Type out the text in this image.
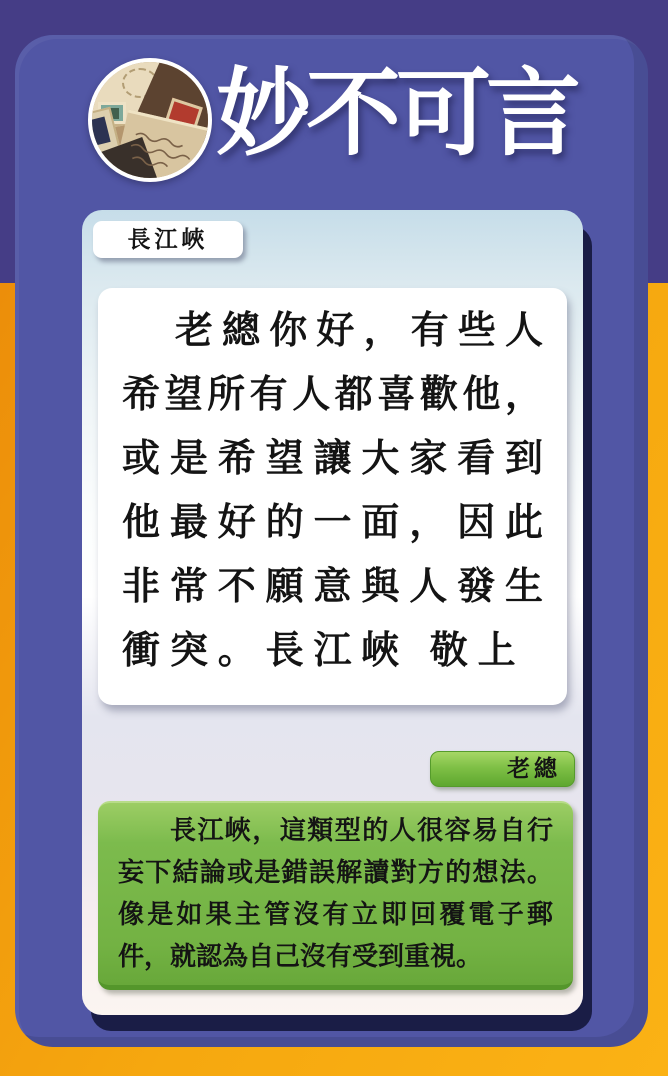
妙不可言
長江峽
老總你好，有些人
希望所有人都喜歡他，
或是希望讓大家看到
他最好的一面，因此
非常不願意與人發生
衝突。長江峽 敬上
老總

長江峽，這類型的人很容易自行妄下結論或是錯誤解讀對方的想法。像是如果主管沒有立即回覆電子郵件，就認為自己沒有受到重視。
